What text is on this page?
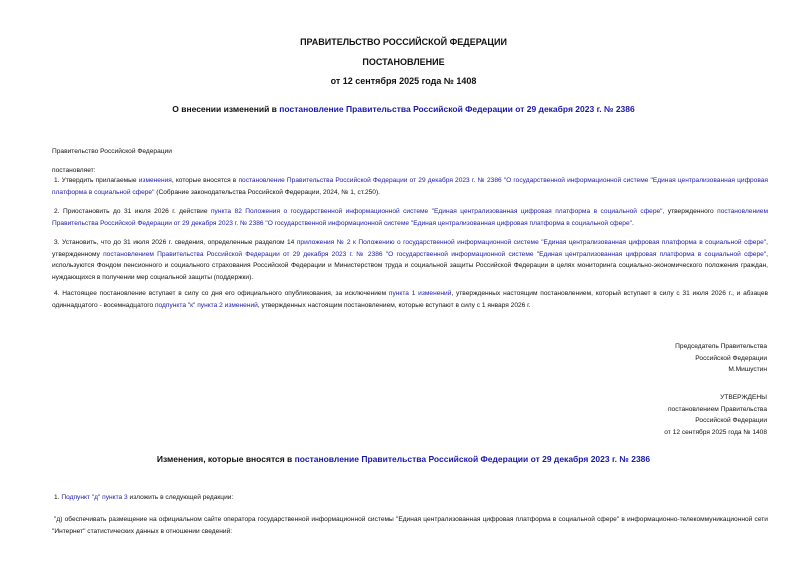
ПРАВИТЕЛЬСТВО РОССИЙСКОЙ ФЕДЕРАЦИИ
ПОСТАНОВЛЕНИЕ
от 12 сентября 2025 года № 1408
О внесении изменений в постановление Правительства Российской Федерации от 29 декабря 2023 г. № 2386
Правительство Российской Федерации
постановляет:
1. Утвердить прилагаемые изменения, которые вносятся в постановление Правительства Российской Федерации от 29 декабря 2023 г. № 2386 "О государственной информационной системе "Единая централизованная цифровая платформа в социальной сфере" (Собрание законодательства Российской Федерации, 2024, № 1, ст.250).
2. Приостановить до 31 июля 2026 г. действие пункта 82 Положения о государственной информационной системе "Единая централизованная цифровая платформа в социальной сфере", утвержденного постановлением Правительства Российской Федерации от 29 декабря 2023 г. № 2386 "О государственной информационной системе "Единая централизованная цифровая платформа в социальной сфере".
3. Установить, что до 31 июля 2026 г. сведения, определенные разделом 14 приложения № 2 к Положению о государственной информационной системе "Единая централизованная цифровая платформа в социальной сфере", утвержденному постановлением Правительства Российской Федерации от 29 декабря 2023 г. № 2386 "О государственной информационной системе "Единая централизованная цифровая платформа в социальной сфере", используются Фондом пенсионного и социального страхования Российской Федерации и Министерством труда и социальной защиты Российской Федерации в целях мониторинга социально-экономического положения граждан, нуждающихся в получении мер социальной защиты (поддержки).
4. Настоящее постановление вступает в силу со дня его официального опубликования, за исключением пункта 1 изменений, утвержденных настоящим постановлением, который вступает в силу с 31 июля 2026 г., и абзацев одиннадцатого - восемнадцатого подпункта "к" пункта 2 изменений, утвержденных настоящим постановлением, которые вступают в силу с 1 января 2026 г.
Председатель Правительства
Российской Федерации
М.Мишустин
УТВЕРЖДЕНЫ
постановлением Правительства
Российской Федерации
от 12 сентября 2025 года № 1408
Изменения, которые вносятся в постановление Правительства Российской Федерации от 29 декабря 2023 г. № 2386
1. Подпункт "д" пункта 3 изложить в следующей редакции:
"д) обеспечивать размещение на официальном сайте оператора государственной информационной системы "Единая централизованная цифровая платформа в социальной сфере" в информационно-телекоммуникационной сети "Интернет" статистических данных в отношении сведений:
